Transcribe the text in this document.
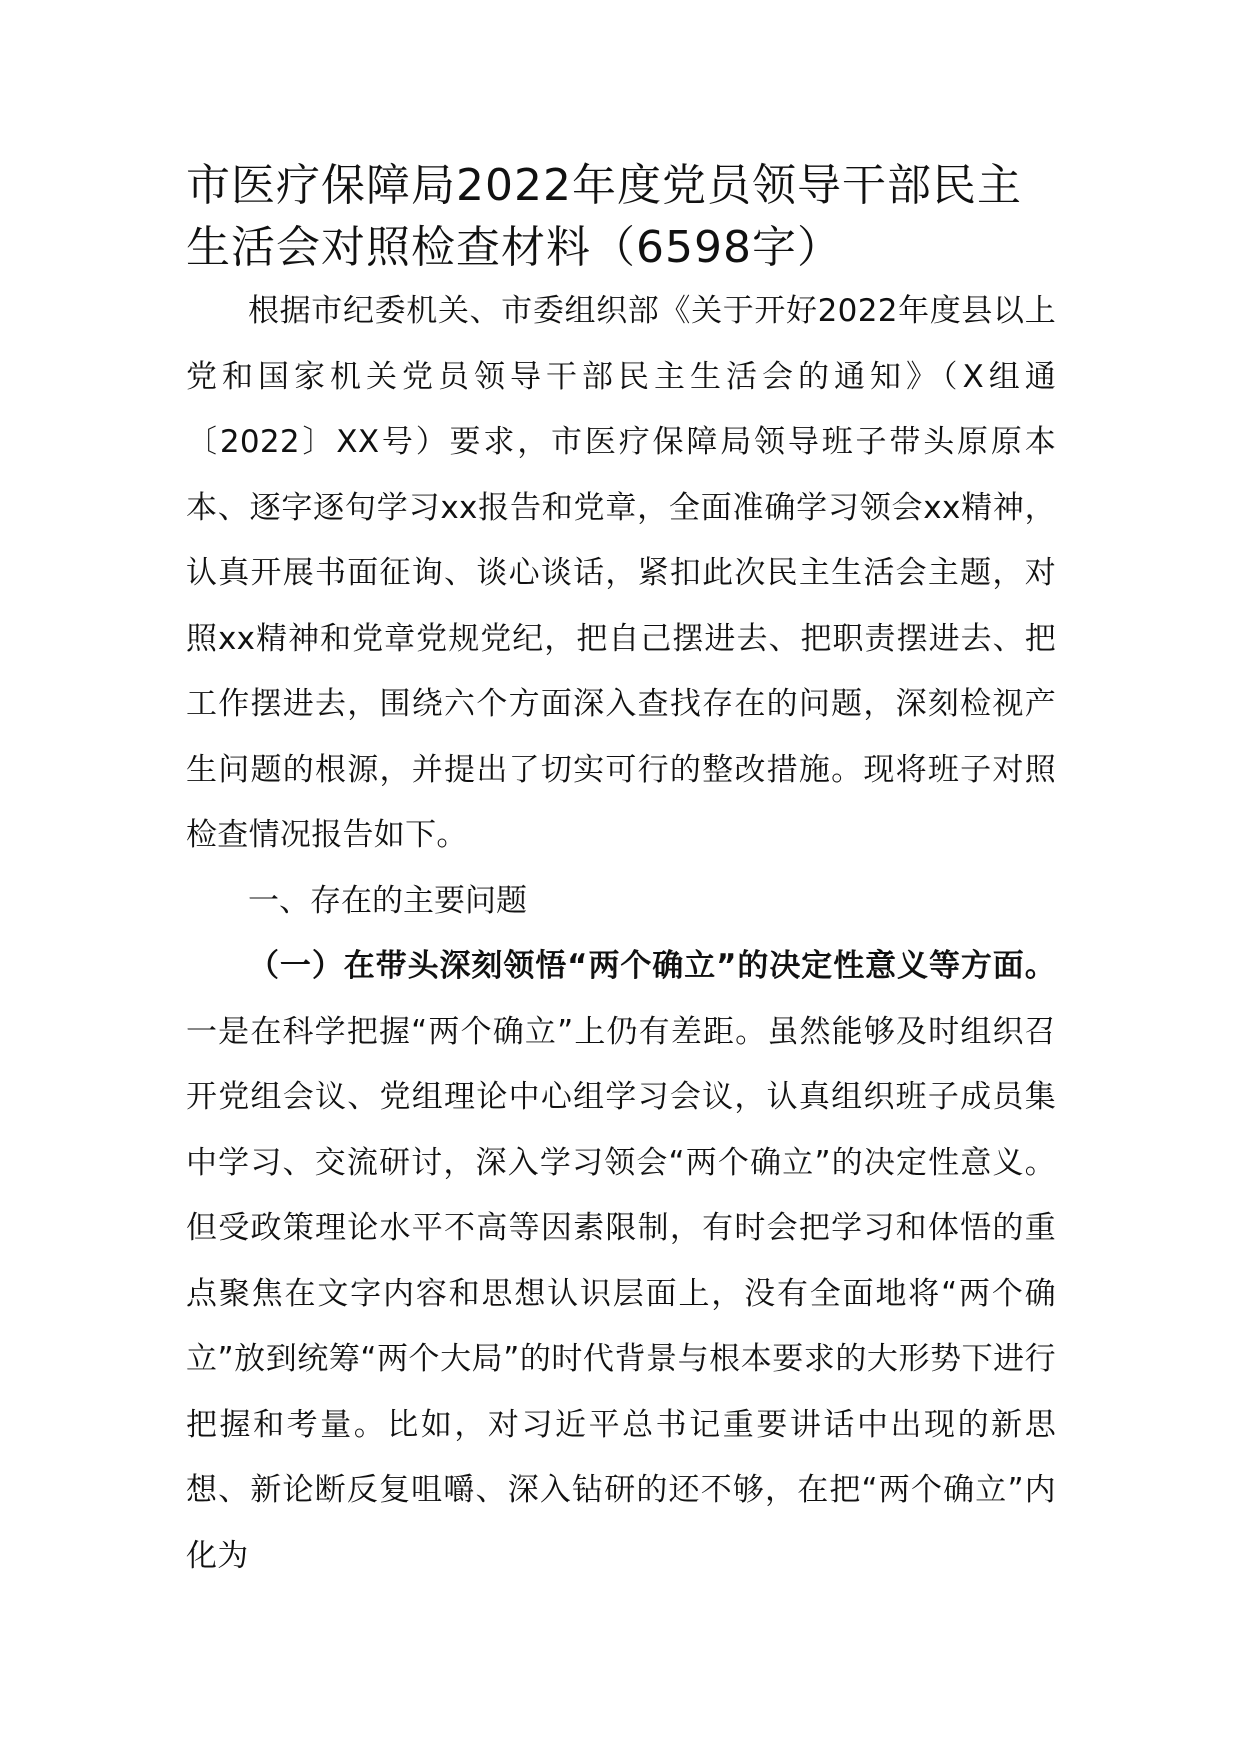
市医疗保障局2022年度党员领导干部民主生活会对照检查材料（6598字）

根据市纪委机关、市委组织部《关于开好2022年度县以上党和国家机关党员领导干部民主生活会的通知》（X组通〔2022〕XX号）要求，市医疗保障局领导班子带头原原本本、逐字逐句学习xx报告和党章，全面准确学习领会xx精神，认真开展书面征询、谈心谈话，紧扣此次民主生活会主题，对照xx精神和党章党规党纪，把自己摆进去、把职责摆进去、把工作摆进去，围绕六个方面深入查找存在的问题，深刻检视产生问题的根源，并提出了切实可行的整改措施。现将班子对照检查情况报告如下。

一、存在的主要问题

（一）在带头深刻领悟“两个确立”的决定性意义等方面。一是在科学把握“两个确立”上仍有差距。虽然能够及时组织召开党组会议、党组理论中心组学习会议，认真组织班子成员集中学习、交流研讨，深入学习领会“两个确立”的决定性意义。但受政策理论水平不高等因素限制，有时会把学习和体悟的重点聚焦在文字内容和思想认识层面上，没有全面地将“两个确立”放到统筹“两个大局”的时代背景与根本要求的大形势下进行把握和考量。比如，对习近平总书记重要讲话中出现的新思想、新论断反复咀嚼、深入钻研的还不够，在把“两个确立”内化为
